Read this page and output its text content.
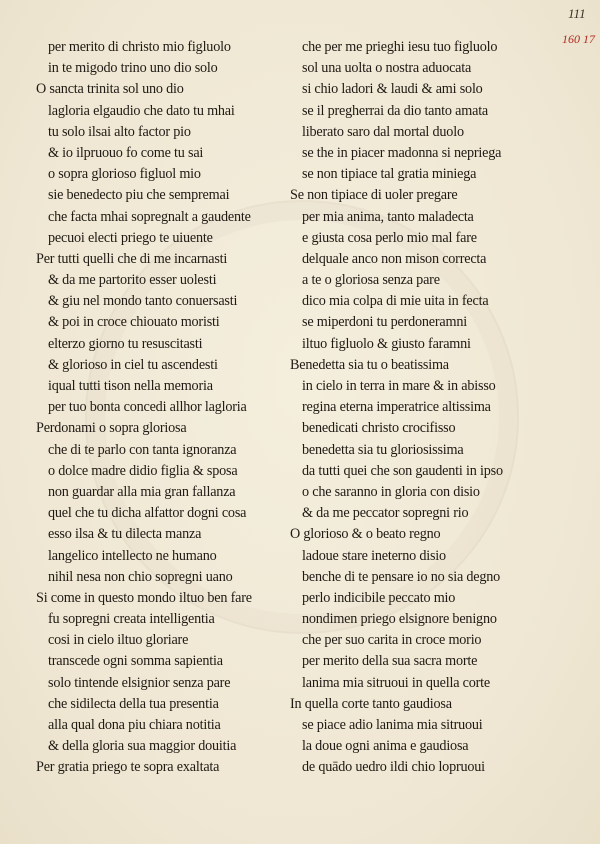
111
160 17
per merito di christo mio figluolo
in te migodo trino uno dio solo
O sancta trinita sol uno dio
lagloria elgaudio che dato tu mhai
tu solo ilsai alto factor pio
& io ilpruouo fo come tu sai
o sopra glorioso figluol mio
sie benedecto piu che sempremai
che facta mhai sopregnalt a gaudente
pecuoi electi priego te uiuente
Per tutti quelli che di me incarnasti
& da me partorito esser uolesti
& giu nel mondo tanto conuersasti
& poi in croce chiouato moristi
elterzo giorno tu resuscitasti
& glorioso in ciel tu ascendesti
iqual tutti tison nella memoria
per tuo bonta concedi allhor lagloria
Perdonami o sopra gloriosa
che di te parlo con tanta ignoranza
o dolce madre didio figlia & sposa
non guardar alla mia gran fallanza
quel che tu dicha alfattor dogni cosa
esso ilsa & tu dilecta manza
langelico intellecto ne humano
nihil nesa non chio sopregni uano
Si come in questo mondo iltuo ben fare
fu sopregni creata intelligentia
cosi in cielo iltuo gloriare
transcede ogni somma sapientia
solo tintende elsignior senza pare
che sidilecta della tua presentia
alla qual dona piu chiara notitia
& della gloria sua maggior douitia
Per gratia priego te sopra exaltata
che per me prieghi iesu tuo figluolo
sol una uolta o nostra aduocata
si chio ladori & laudi & ami solo
se il pregherrai da dio tanto amata
liberato saro dal mortal duolo
se the in piacer madonna si nepriega
se non tipiace tal gratia miniega
Se non tipiace di uoler pregare
per mia anima, tanto maladecta
e giusta cosa perlo mio mal fare
delquale anco non mison correcta
a te o gloriosa senza pare
dico mia colpa di mie uita in fecta
se miperdoni tu perdoneramni
iltuo figluolo & giusto faramni
Benedetta sia tu o beatissima
in cielo in terra in mare & in abisso
regina eterna imperatrice altissima
benedicati christo crocifisso
benedetta sia tu gloriosissima
da tutti quei che son gaudenti in ipso
o che saranno in gloria con disio
& da me peccator sopregni rio
O glorioso & o beato regno
ladoue stare ineterno disio
benche di te pensare io no sia degno
perlo indicibile peccato mio
nondimen priego elsignore benigno
che per suo carita in croce morio
per merito della sua sacra morte
lanima mia sitruoui in quella corte
In quella corte tanto gaudiosa
se piace adio lanima mia sitruoui
la doue ogni anima e gaudiosa
de quādo uedro ildi chio lopruoui
